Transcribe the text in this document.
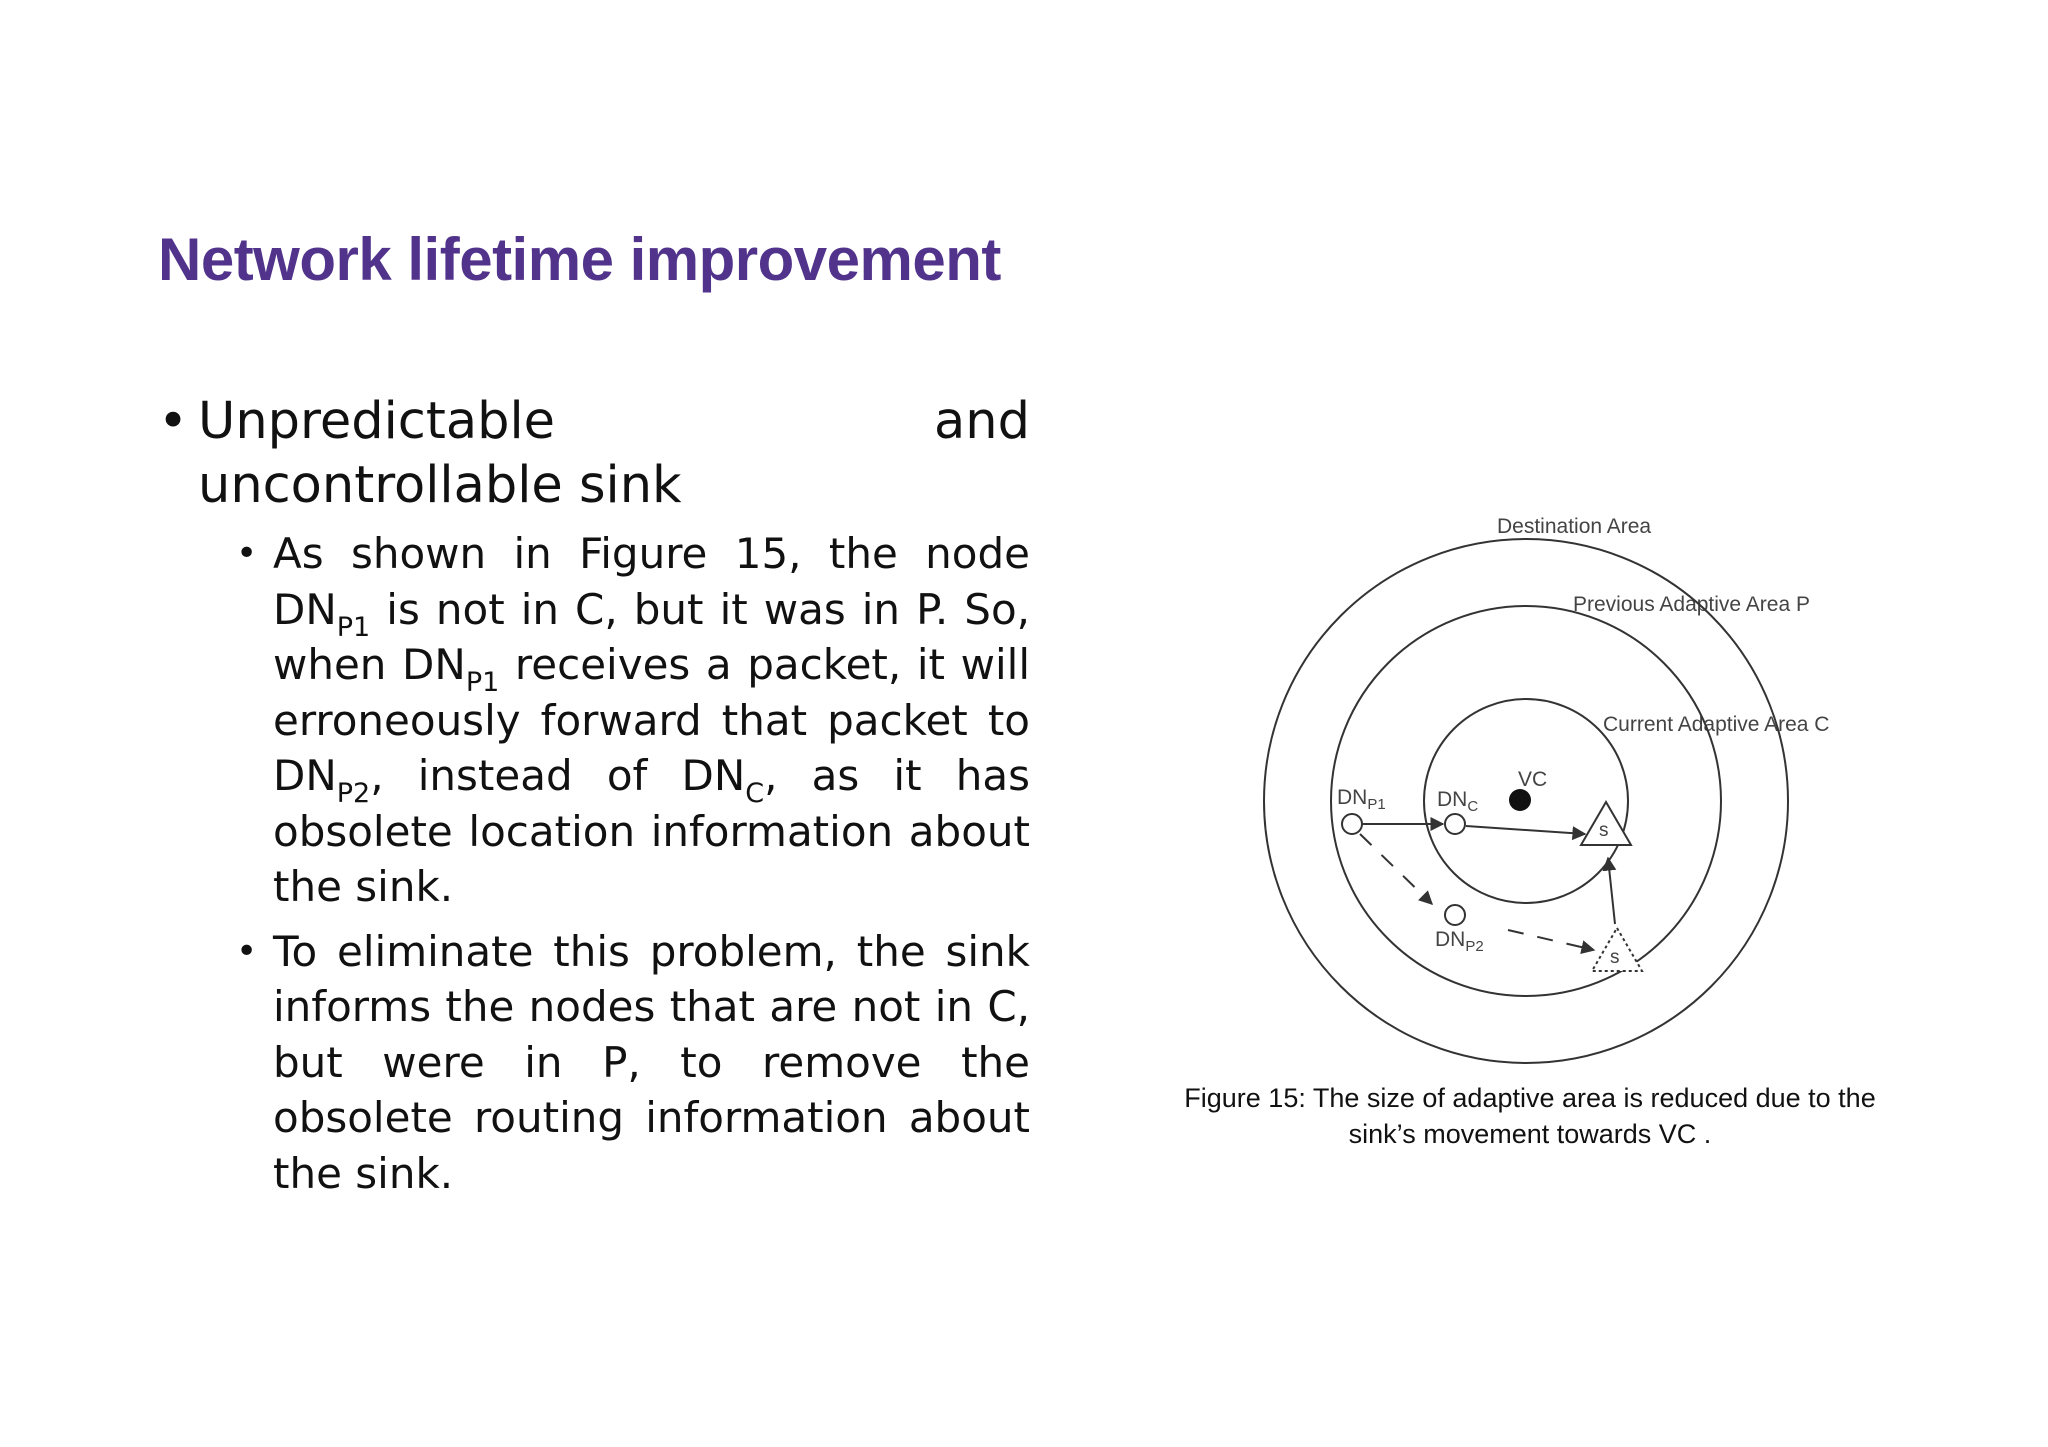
Network lifetime improvement
• Unpredictable and uncontrollable sink
• As shown in Figure 15, the node $DN_{P1}$ is not in C, but it was in P. So, when $DN_{P1}$ receives a packet, it will erroneously forward that packet to $DN_{P2}$, instead of $DN_C$, as it has obsolete location information about the sink.
• To eliminate this problem, the sink informs the nodes that are not in C, but were in P, to remove the obsolete routing information about the sink.
Destination Area
Previous Adaptive Area P
Current Adaptive Area C
VC
$DN_{P1}$ $DN_C$
$DN_{P2}$
s
s
Figure 15: The size of adaptive area is reduced due to the sink’s movement towards VC .
